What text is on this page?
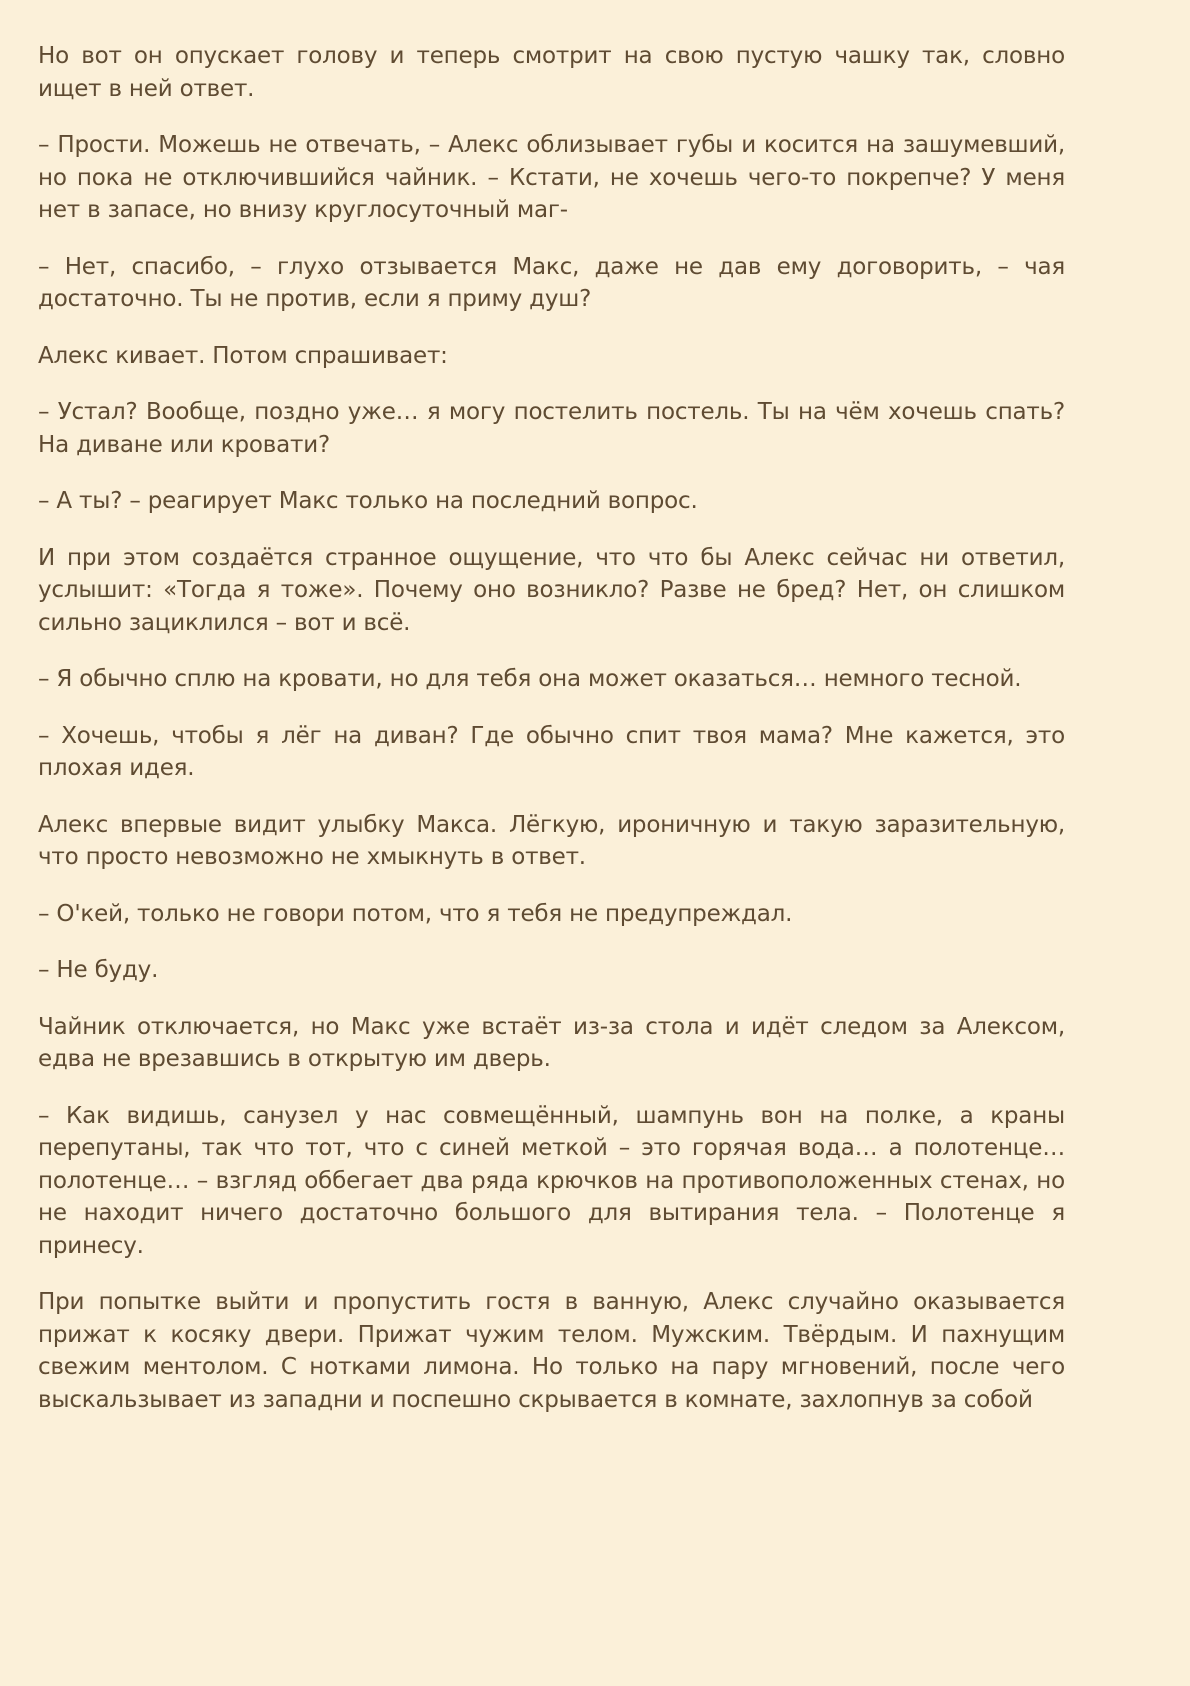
Но вот он опускает голову и теперь смотрит на свою пустую чашку так, словно ищет в ней ответ.

– Прости. Можешь не отвечать, – Алекс облизывает губы и косится на зашумевший, но пока не отключившийся чайник. – Кстати, не хочешь чего-то покрепче? У меня нет в запасе, но внизу круглосуточный маг-

– Нет, спасибо, – глухо отзывается Макс, даже не дав ему договорить, – чая достаточно. Ты не против, если я приму душ?

Алекс кивает. Потом спрашивает:

– Устал? Вообще, поздно уже… я могу постелить постель. Ты на чём хочешь спать? На диване или кровати?

– А ты? – реагирует Макс только на последний вопрос.

И при этом создаётся странное ощущение, что что бы Алекс сейчас ни ответил, услышит: «Тогда я тоже». Почему оно возникло? Разве не бред? Нет, он слишком сильно зациклился – вот и всё.

– Я обычно сплю на кровати, но для тебя она может оказаться… немного тесной.

– Хочешь, чтобы я лёг на диван? Где обычно спит твоя мама? Мне кажется, это плохая идея.

Алекс впервые видит улыбку Макса. Лёгкую, ироничную и такую заразительную, что просто невозможно не хмыкнуть в ответ.

– О'кей, только не говори потом, что я тебя не предупреждал.

– Не буду.

Чайник отключается, но Макс уже встаёт из-за стола и идёт следом за Алексом, едва не врезавшись в открытую им дверь.

– Как видишь, санузел у нас совмещённый, шампунь вон на полке, а краны перепутаны, так что тот, что с синей меткой – это горячая вода… а полотенце… полотенце… – взгляд оббегает два ряда крючков на противоположенных стенах, но не находит ничего достаточно большого для вытирания тела. – Полотенце я принесу.

При попытке выйти и пропустить гостя в ванную, Алекс случайно оказывается прижат к косяку двери. Прижат чужим телом. Мужским. Твёрдым. И пахнущим свежим ментолом. С нотками лимона. Но только на пару мгновений, после чего выскальзывает из западни и поспешно скрывается в комнате, захлопнув за собой
